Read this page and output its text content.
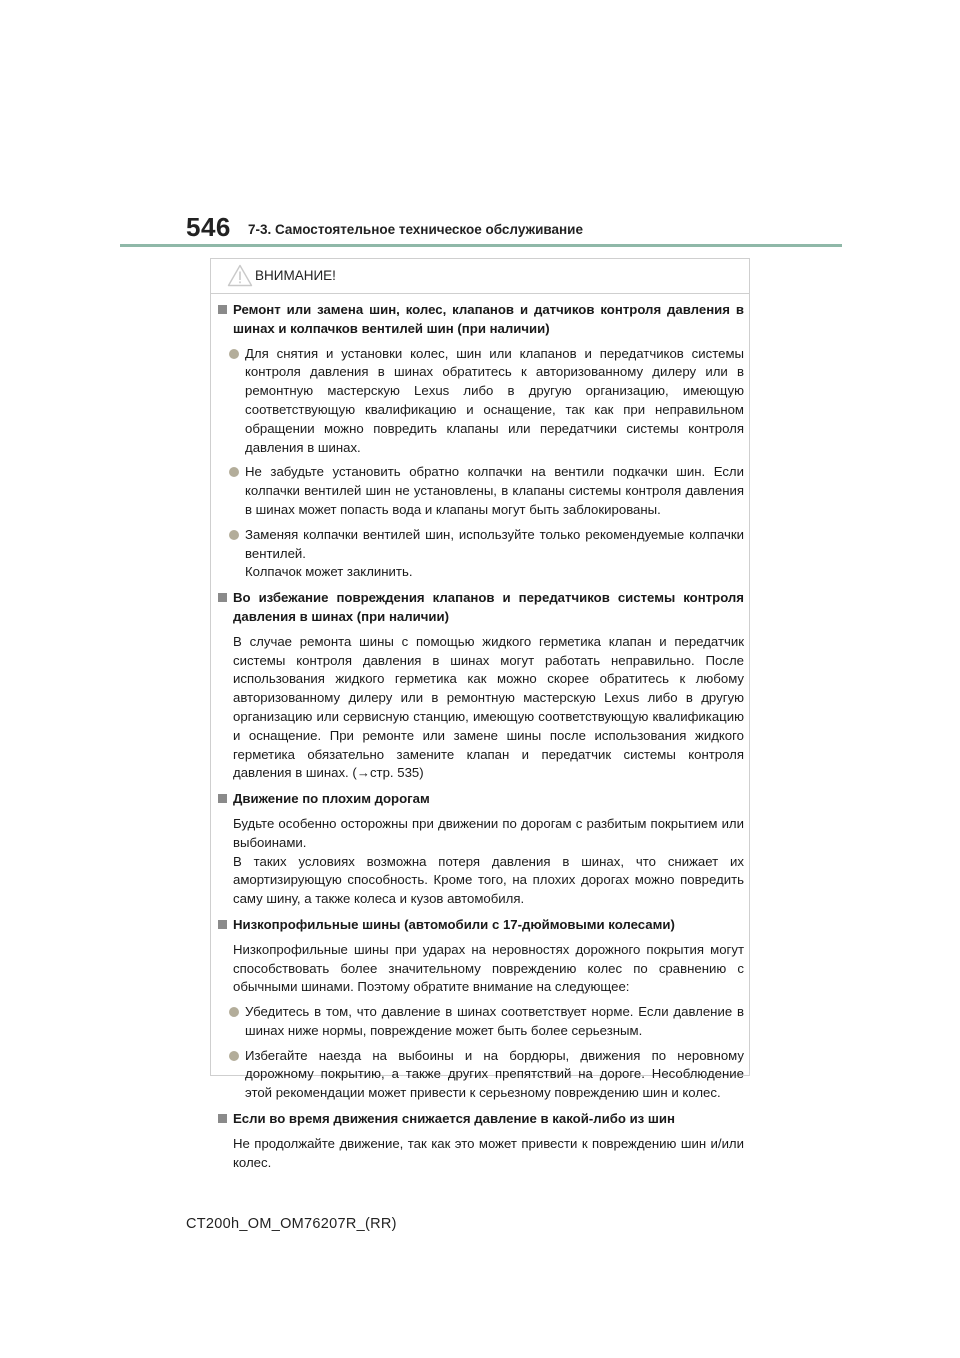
546 7-3. Самостоятельное техническое обслуживание
ВНИМАНИЕ!
Ремонт или замена шин, колес, клапанов и датчиков контроля давления в шинах и колпачков вентилей шин (при наличии)
Для снятия и установки колес, шин или клапанов и передатчиков системы контроля давления в шинах обратитесь к авторизованному дилеру или в ремонтную мастерскую Lexus либо в другую организацию, имеющую соответствующую квалификацию и оснащение, так как при неправильном обращении можно повредить клапаны или передатчики системы контроля давления в шинах.
Не забудьте установить обратно колпачки на вентили подкачки шин. Если колпачки вентилей шин не установлены, в клапаны системы контроля давления в шинах может попасть вода и клапаны могут быть заблокированы.
Заменяя колпачки вентилей шин, используйте только рекомендуемые колпачки вентилей.
Колпачок может заклинить.
Во избежание повреждения клапанов и передатчиков системы контроля давления в шинах (при наличии)
В случае ремонта шины с помощью жидкого герметика клапан и передатчик системы контроля давления в шинах могут работать неправильно. После использования жидкого герметика как можно скорее обратитесь к любому авторизованному дилеру или в ремонтную мастерскую Lexus либо в другую организацию или сервисную станцию, имеющую соответствующую квалификацию и оснащение. При ремонте или замене шины после использования жидкого герметика обязательно замените клапан и передатчик системы контроля давления в шинах. (→стр. 535)
Движение по плохим дорогам
Будьте особенно осторожны при движении по дорогам с разбитым покрытием или выбоинами.
В таких условиях возможна потеря давления в шинах, что снижает их амортизирующую способность. Кроме того, на плохих дорогах можно повредить саму шину, а также колеса и кузов автомобиля.
Низкопрофильные шины (автомобили с 17-дюймовыми колесами)
Низкопрофильные шины при ударах на неровностях дорожного покрытия могут способствовать более значительному повреждению колес по сравнению с обычными шинами. Поэтому обратите внимание на следующее:
Убедитесь в том, что давление в шинах соответствует норме. Если давление в шинах ниже нормы, повреждение может быть более серьезным.
Избегайте наезда на выбоины и на бордюры, движения по неровному дорожному покрытию, а также других препятствий на дороге. Несоблюдение этой рекомендации может привести к серьезному повреждению шин и колес.
Если во время движения снижается давление в какой-либо из шин
Не продолжайте движение, так как это может привести к повреждению шин и/или колес.
CT200h_OM_OM76207R_(RR)
